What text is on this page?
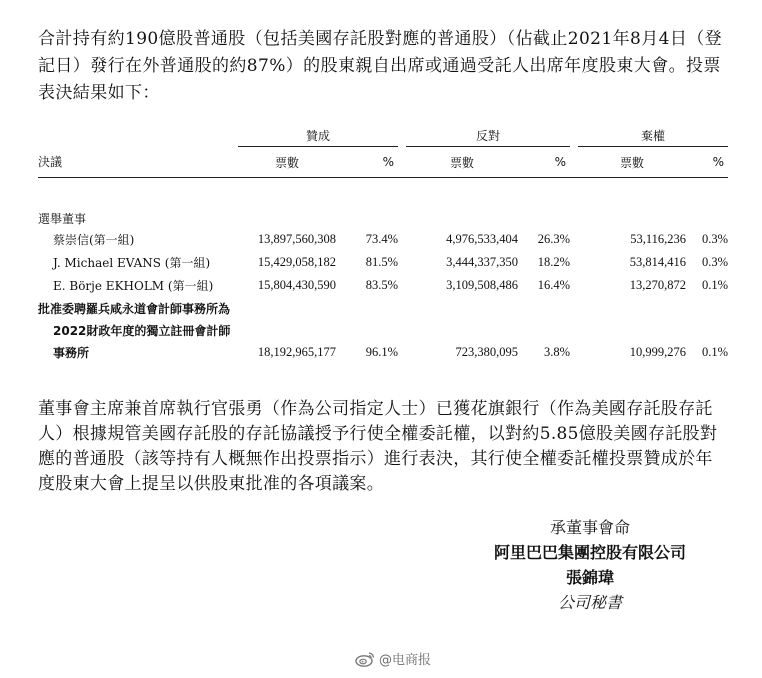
合計持有約190億股普通股（包括美國存託股對應的普通股）（佔截止2021年8月4日（登記日）發行在外普通股的約87%）的股東親自出席或通過受託人出席年度股東大會。投票表決結果如下：
	贊成			反對			棄權	
決議	票數	%		票數	%		票數	%

選舉董事								
蔡崇信(第一組)	13,897,560,308	73.4%		4,976,533,404	26.3%		53,116,236	0.3%
J. Michael EVANS (第一組)	15,429,058,182	81.5%		3,444,337,350	18.2%		53,814,416	0.3%
E. Börje EKHOLM (第一組)	15,804,430,590	83.5%		3,109,508,486	16.4%		13,270,872	0.1%
批准委聘羅兵咸永道會計師事務所為								
2022財政年度的獨立註冊會計師								
事務所	18,192,965,177	96.1%		723,380,095	3.8%		10,999,276	0.1%
董事會主席兼首席執行官張勇（作為公司指定人士）已獲花旗銀行（作為美國存託股存託人）根據規管美國存託股的存託協議授予行使全權委託權，以對約5.85億股美國存託股對應的普通股（該等持有人概無作出投票指示）進行表決，其行使全權委託權投票贊成於年度股東大會上提呈以供股東批准的各項議案。
承董事會命
阿里巴巴集團控股有限公司
張錦瑋
公司秘書
@电商报
